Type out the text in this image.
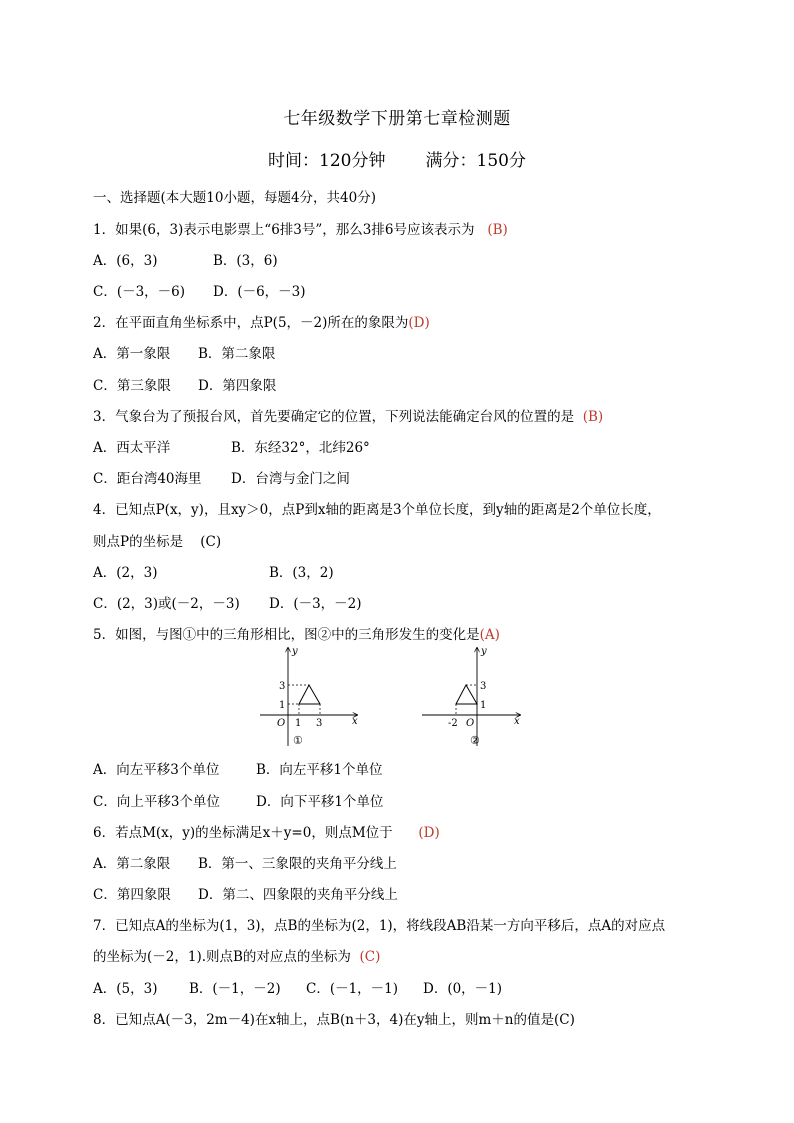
七年级数学下册第七章检测题
时间：120分钟 满分：150分
一、选择题(本大题10小题，每题4分，共40分)
1．如果(6，3)表示电影票上“6排3号”，那么3排6号应该表示为 (B)
A．(6，3)	B．(3，6)
C．(－3，－6) D．(－6，－3)
2．在平面直角坐标系中，点P(5，－2)所在的象限为(D)
A．第一象限 B．第二象限
C．第三象限 D．第四象限
3．气象台为了预报台风，首先要确定它的位置，下列说法能确定台风的位置的是 (B)
A．西太平洋	B．东经32°，北纬26°
C．距台湾40海里 D．台湾与金门之间
4．已知点P(x，y)，且xy＞0，点P到x轴的距离是3个单位长度，到y轴的距离是2个单位长度，
则点P的坐标是 (C)
A．(2，3)	B．(3，2)
C．(2，3)或(－2，－3) D．(－3，－2)
5．如图，与图①中的三角形相比，图②中的三角形发生的变化是(A)
y
x
O
3
1
1 3
①
y
x
O
3
1
-2
②
A．向左平移3个单位	B．向左平移1个单位
C．向上平移3个单位	D．向下平移1个单位
6．若点M(x，y)的坐标满足x＋y=0，则点M位于 (D)
A．第二象限 B．第一、三象限的夹角平分线上
C．第四象限 D．第二、四象限的夹角平分线上
7．已知点A的坐标为(1，3)，点B的坐标为(2，1)，将线段AB沿某一方向平移后，点A的对应点
的坐标为(－2，1).则点B的对应点的坐标为 (C)
A．(5，3) B．(－1，－2) C．(－1，－1) D．(0，－1)
8．已知点A(－3，2m－4)在x轴上，点B(n＋3，4)在y轴上，则m＋n的值是(C)
